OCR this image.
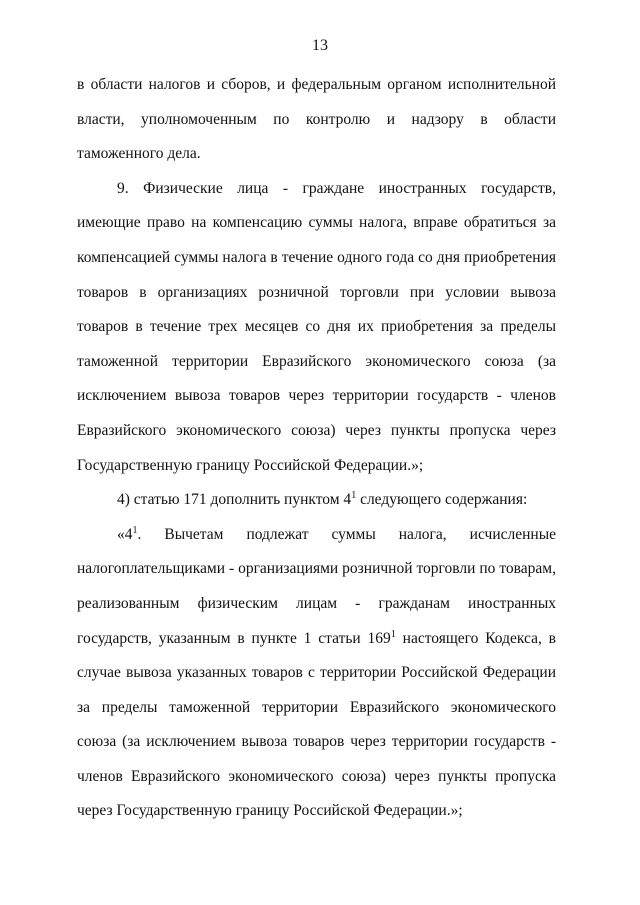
13

в области налогов и сборов, и федеральным органом исполнительной власти, уполномоченным по контролю и надзору в области таможенного дела.

9. Физические лица - граждане иностранных государств, имеющие право на компенсацию суммы налога, вправе обратиться за компенсацией суммы налога в течение одного года со дня приобретения товаров в организациях розничной торговли при условии вывоза товаров в течение трех месяцев со дня их приобретения за пределы таможенной территории Евразийского экономического союза (за исключением вывоза товаров через территории государств - членов Евразийского экономического союза) через пункты пропуска через Государственную границу Российской Федерации.»;

4) статью 171 дополнить пунктом $4^1$ следующего содержания:

«$4^1$. Вычетам подлежат суммы налога, исчисленные налогоплательщиками - организациями розничной торговли по товарам, реализованным физическим лицам - гражданам иностранных государств, указанным в пункте 1 статьи $169^1$ настоящего Кодекса, в случае вывоза указанных товаров с территории Российской Федерации за пределы таможенной территории Евразийского экономического союза (за исключением вывоза товаров через территории государств - членов Евразийского экономического союза) через пункты пропуска через Государственную границу Российской Федерации.»;
